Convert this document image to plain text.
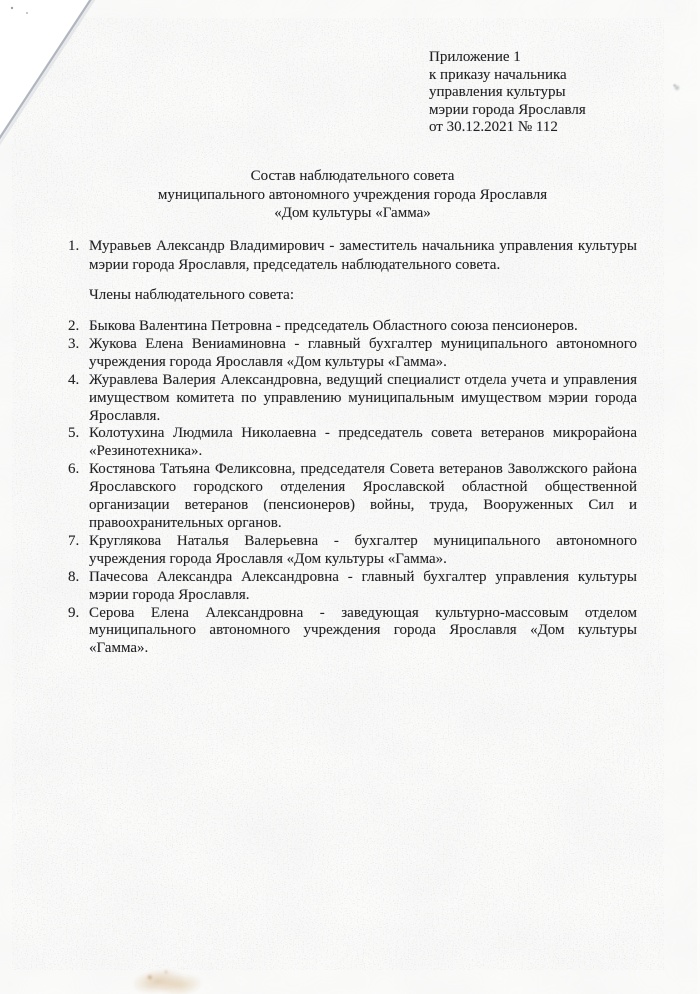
Приложение 1
к приказу начальника
управления культуры
мэрии города Ярославля
от 30.12.2021 № 112
Состав наблюдательного совета
муниципального автономного учреждения города Ярославля
«Дом культуры «Гамма»
1. Муравьев Александр Владимирович - заместитель начальника управления культуры мэрии города Ярославля, председатель наблюдательного совета.
Члены наблюдательного совета:
2. Быкова Валентина Петровна - председатель Областного союза пенсионеров.
3. Жукова Елена Вениаминовна - главный бухгалтер муниципального автономного учреждения города Ярославля «Дом культуры «Гамма».
4. Журавлева Валерия Александровна, ведущий специалист отдела учета и управления имуществом комитета по управлению муниципальным имуществом мэрии города Ярославля.
5. Колотухина Людмила Николаевна - председатель совета ветеранов микрорайона «Резинотехника».
6. Костянова Татьяна Феликсовна, председателя Совета ветеранов Заволжского района Ярославского городского отделения Ярославской областной общественной организации ветеранов (пенсионеров) войны, труда, Вооруженных Сил и правоохранительных органов.
7. Круглякова Наталья Валерьевна - бухгалтер муниципального автономного учреждения города Ярославля «Дом культуры «Гамма».
8. Пачесова Александра Александровна - главный бухгалтер управления культуры мэрии города Ярославля.
9. Серова Елена Александровна - заведующая культурно-массовым отделом муниципального автономного учреждения города Ярославля «Дом культуры «Гамма».
